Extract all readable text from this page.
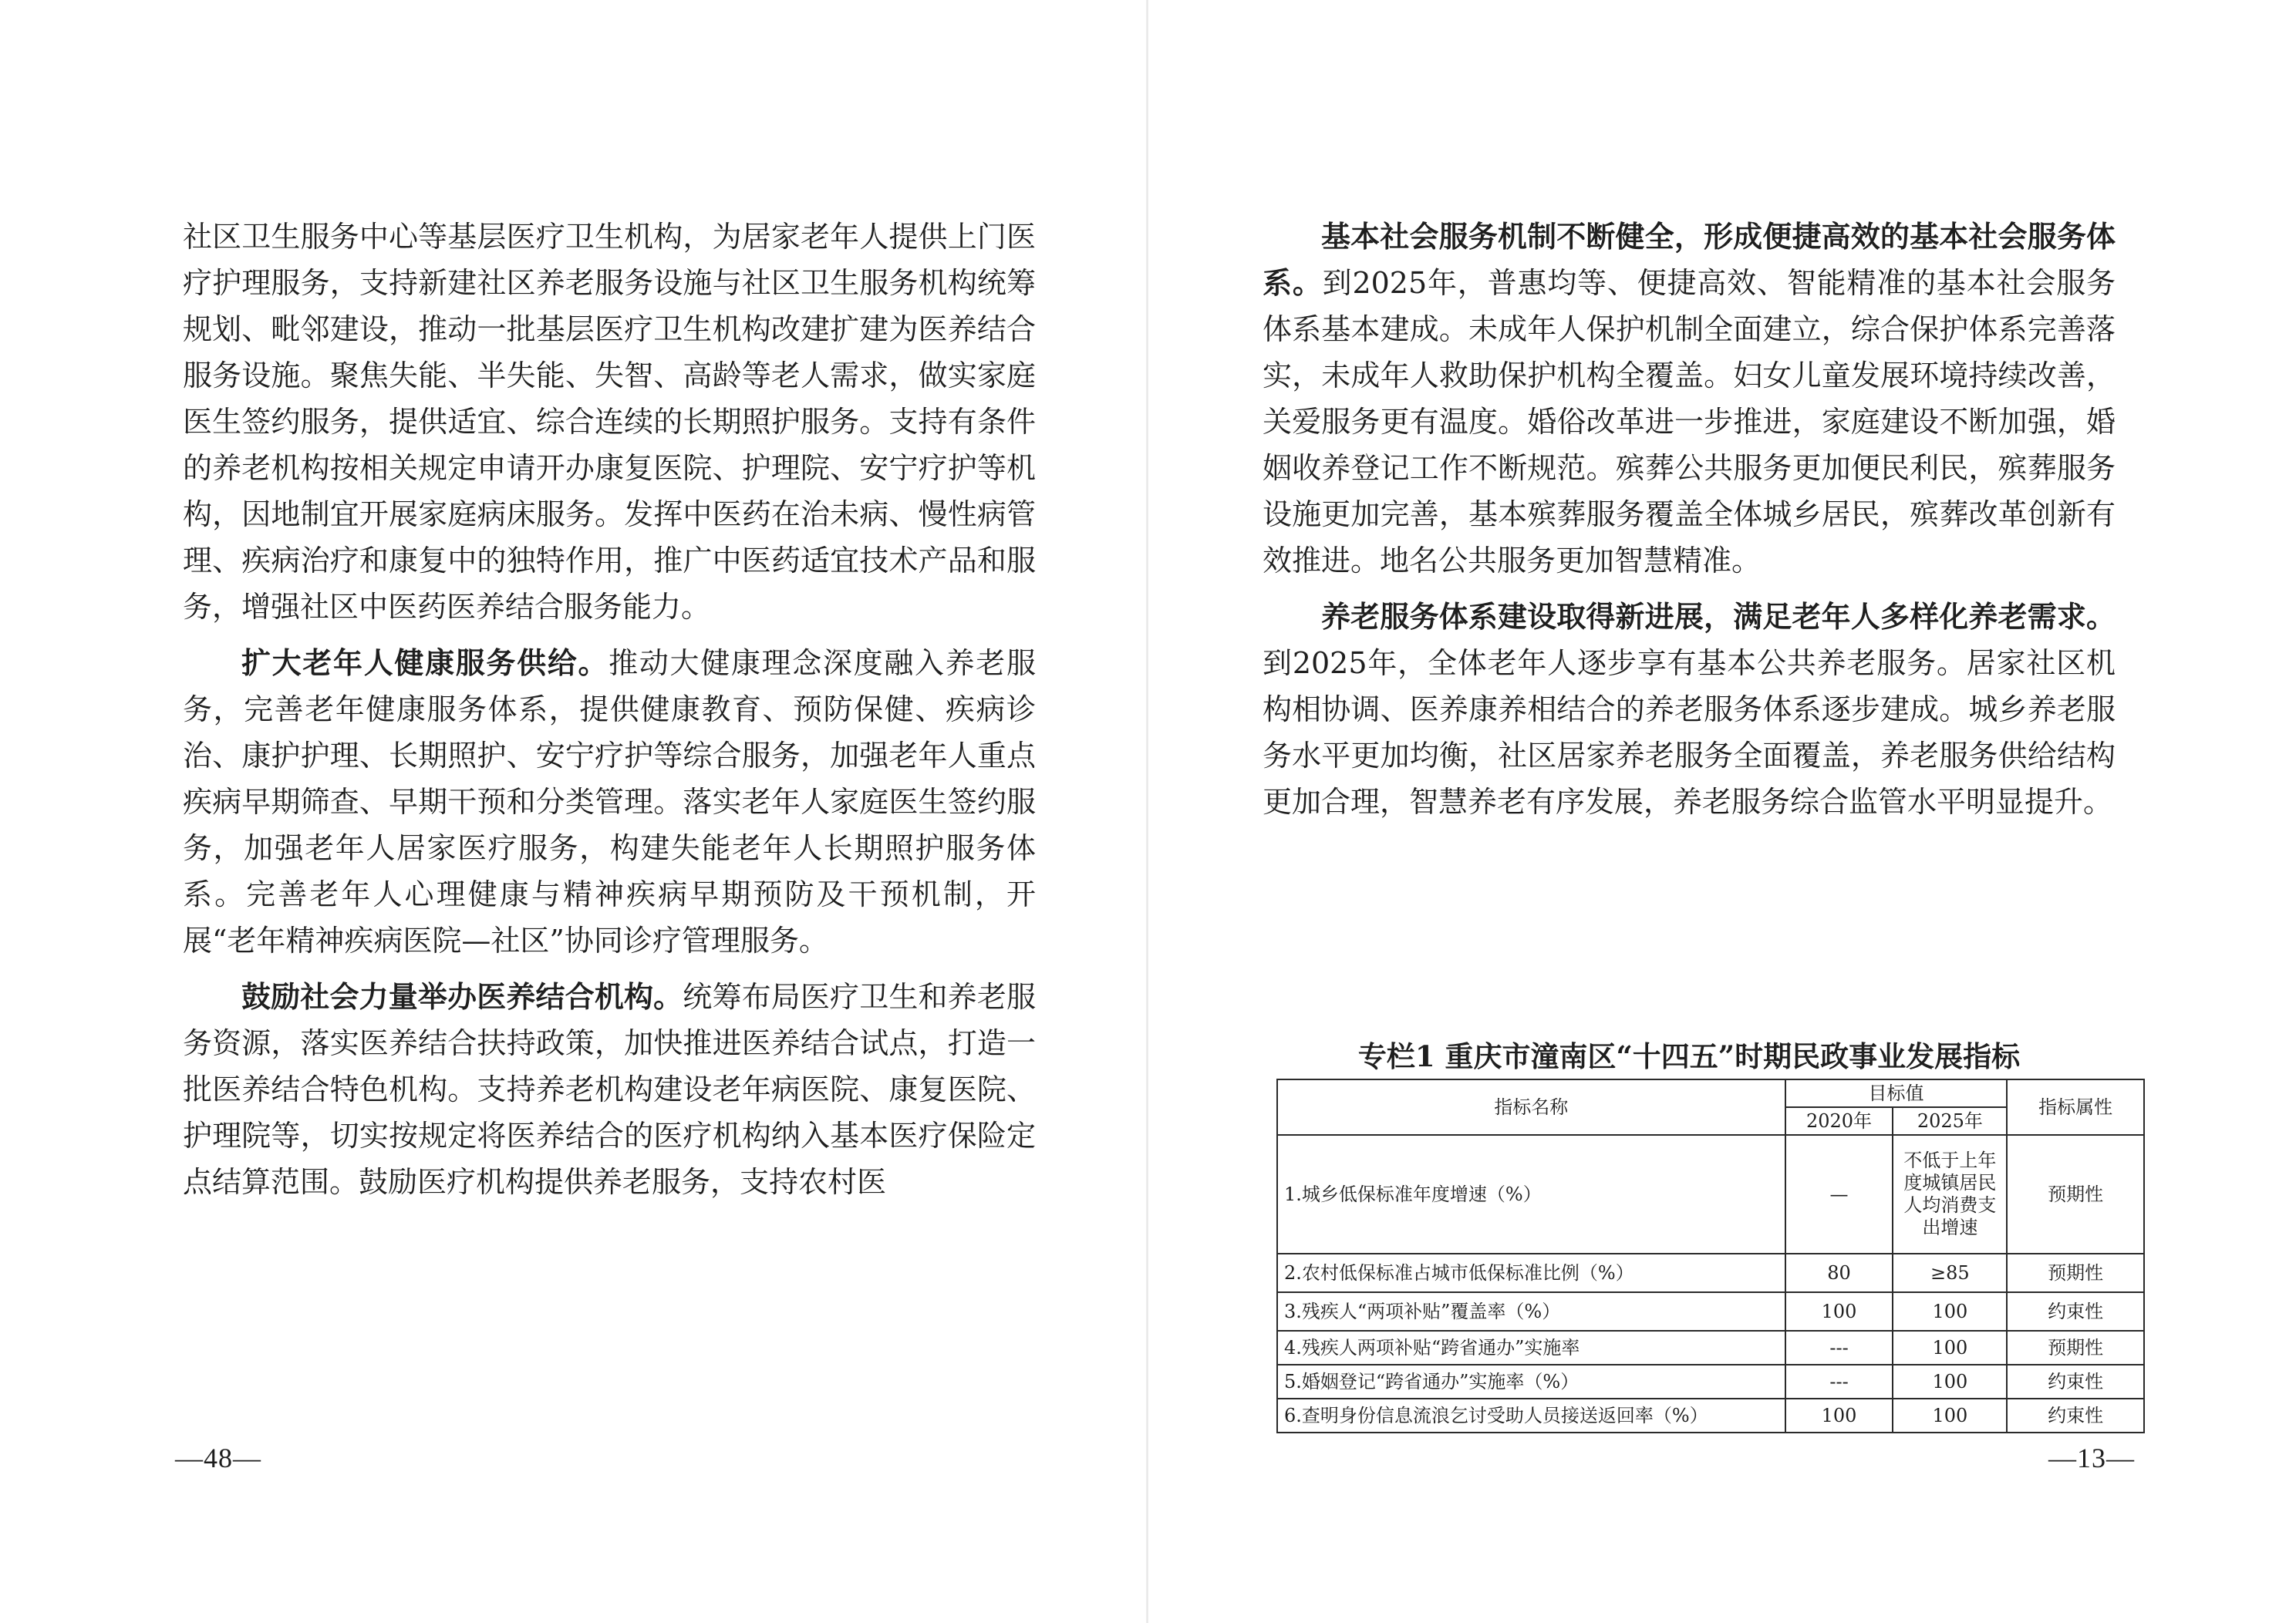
社区卫生服务中心等基层医疗卫生机构，为居家老年人提供上门医疗护理服务，支持新建社区养老服务设施与社区卫生服务机构统筹规划、毗邻建设，推动一批基层医疗卫生机构改建扩建为医养结合服务设施。聚焦失能、半失能、失智、高龄等老人需求，做实家庭医生签约服务，提供适宜、综合连续的长期照护服务。支持有条件的养老机构按相关规定申请开办康复医院、护理院、安宁疗护等机构，因地制宜开展家庭病床服务。发挥中医药在治未病、慢性病管理、疾病治疗和康复中的独特作用，推广中医药适宜技术产品和服务，增强社区中医药医养结合服务能力。

扩大老年人健康服务供给。推动大健康理念深度融入养老服务，完善老年健康服务体系，提供健康教育、预防保健、疾病诊治、康护护理、长期照护、安宁疗护等综合服务，加强老年人重点疾病早期筛查、早期干预和分类管理。落实老年人家庭医生签约服务，加强老年人居家医疗服务，构建失能老年人长期照护服务体系。完善老年人心理健康与精神疾病早期预防及干预机制，开展“老年精神疾病医院—社区”协同诊疗管理服务。

鼓励社会力量举办医养结合机构。统筹布局医疗卫生和养老服务资源，落实医养结合扶持政策，加快推进医养结合试点，打造一批医养结合特色机构。支持养老机构建设老年病医院、康复医院、护理院等，切实按规定将医养结合的医疗机构纳入基本医疗保险定点结算范围。鼓励医疗机构提供养老服务，支持农村医

—48—

基本社会服务机制不断健全，形成便捷高效的基本社会服务体系。到2025年，普惠均等、便捷高效、智能精准的基本社会服务体系基本建成。未成年人保护机制全面建立，综合保护体系完善落实，未成年人救助保护机构全覆盖。妇女儿童发展环境持续改善，关爱服务更有温度。婚俗改革进一步推进，家庭建设不断加强，婚姻收养登记工作不断规范。殡葬公共服务更加便民利民，殡葬服务设施更加完善，基本殡葬服务覆盖全体城乡居民，殡葬改革创新有效推进。地名公共服务更加智慧精准。

养老服务体系建设取得新进展，满足老年人多样化养老需求。到2025年，全体老年人逐步享有基本公共养老服务。居家社区机构相协调、医养康养相结合的养老服务体系逐步建成。城乡养老服务水平更加均衡，社区居家养老服务全面覆盖，养老服务供给结构更加合理，智慧养老有序发展，养老服务综合监管水平明显提升。

专栏1 重庆市潼南区“十四五”时期民政事业发展指标
指标名称	目标值		指标属性
	2020年	2025年	
1.城乡低保标准年度增速（%）	—	不低于上年度城镇居民人均消费支出增速	预期性
2.农村低保标准占城市低保标准比例（%）	80	≥85	预期性
3.残疾人“两项补贴”覆盖率（%）	100	100	约束性
4.残疾人两项补贴“跨省通办”实施率	---	100	预期性
5.婚姻登记“跨省通办”实施率（%）	---	100	约束性
6.查明身份信息流浪乞讨受助人员接送返回率（%）	100	100	约束性
—13—
